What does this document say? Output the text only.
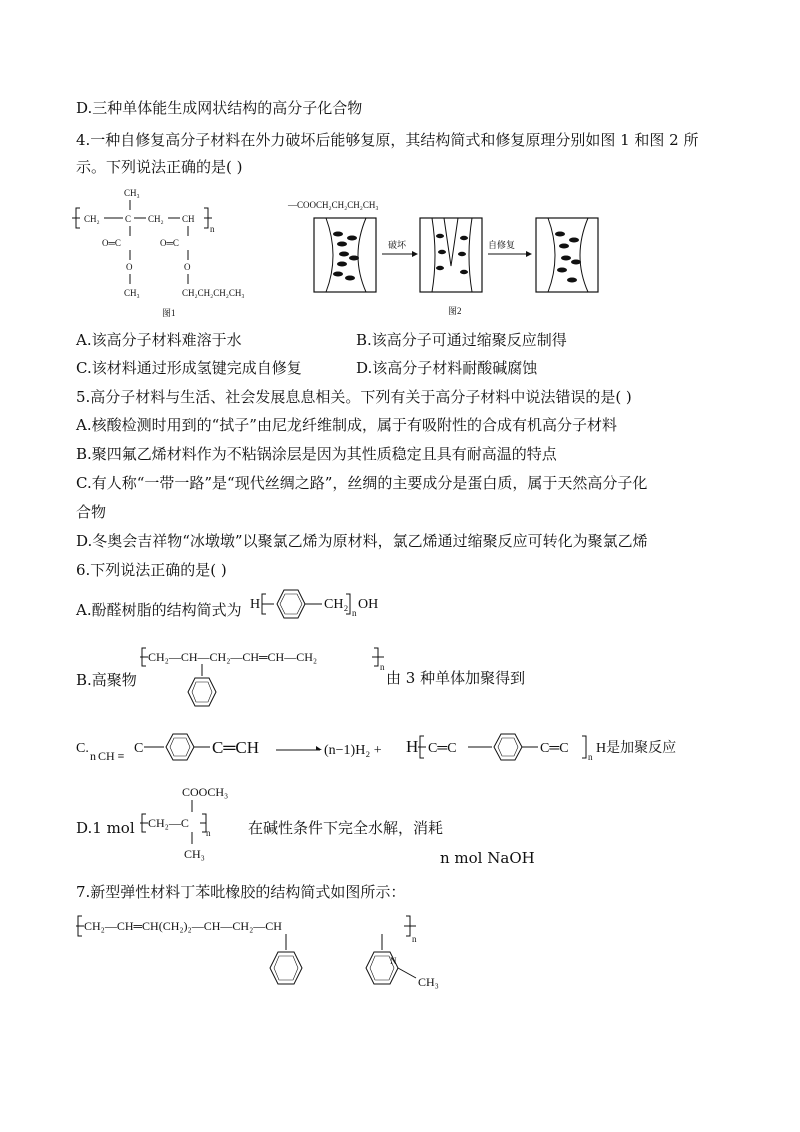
D.三种单体能生成网状结构的高分子化合物
4.一种自修复高分子材料在外力破坏后能够复原，其结构简式和修复原理分别如图 1 和图 2 所
示。下列说法正确的是( )
CH₃
CH₂	C CH₂ CH
n
O═C	O═C
O	O
CH₃	CH₂CH₂CH₂CH₃
图1
—COOCH₂CH₂CH₂CH₃
破坏	自修复
图2
A.该高分子材料难溶于水	B.该高分子可通过缩聚反应制得
C.该材料通过形成氢键完成自修复	D.该高分子材料耐酸碱腐蚀
5.高分子材料与生活、社会发展息息相关。下列有关于高分子材料中说法错误的是( )
A.核酸检测时用到的“拭子”由尼龙纤维制成，属于有吸附性的合成有机高分子材料
B.聚四氟乙烯材料作为不粘锅涂层是因为其性质稳定且具有耐高温的特点
C.有人称“一带一路”是“现代丝绸之路”，丝绸的主要成分是蛋白质，属于天然高分子化
合物
D.冬奥会吉祥物“冰墩墩”以聚氯乙烯为原材料，氯乙烯通过缩聚反应可转化为聚氯乙烯
6.下列说法正确的是( )
A.酚醛树脂的结构简式为 H	CH₂
n
OH
B.高聚物
CH₂—CH—CH₂—CH═CH—CH₂
n
由 3 种单体加聚得到
C. n CH ≡ C	C═CH	(n−1)H₂ + H C═C	C═C
n
H是加聚反应
D.1 mol
COOCH₃
CH₂—C
n
CH₃
在碱性条件下完全水解，消耗
n mol NaOH
7.新型弹性材料丁苯吡橡胶的结构简式如图所示：
CH₂—CH═CH(CH₂)₂—CH—CH₂—CH
n
N
CH₃
